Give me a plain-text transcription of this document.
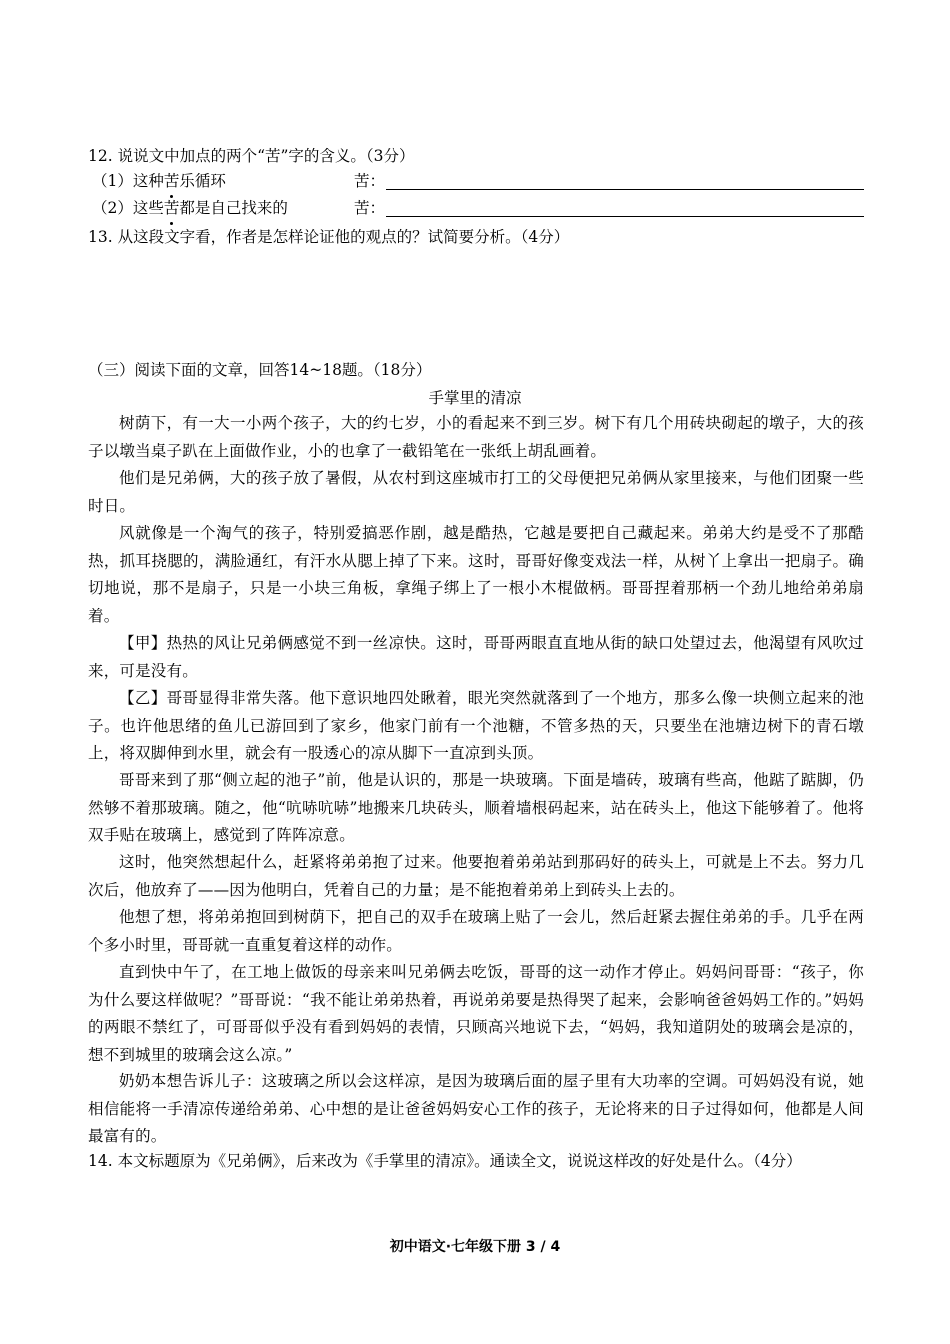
12. 说说文中加点的两个“苦”字的含义。（3分）
（1）这种苦乐循环	苦：
（2）这些苦都是自己找来的	苦：
13. 从这段文字看，作者是怎样论证他的观点的？试简要分析。（4分）
（三）阅读下面的文章，回答14~18题。（18分）
手掌里的清凉
树荫下，有一大一小两个孩子，大的约七岁，小的看起来不到三岁。树下有几个用砖块砌起的墩子，大的孩子以墩当桌子趴在上面做作业，小的也拿了一截铅笔在一张纸上胡乱画着。
他们是兄弟俩，大的孩子放了暑假，从农村到这座城市打工的父母便把兄弟俩从家里接来，与他们团聚一些时日。
风就像是一个淘气的孩子，特别爱搞恶作剧，越是酷热，它越是要把自己藏起来。弟弟大约是受不了那酷热，抓耳挠腮的，满脸通红，有汗水从腮上掉了下来。这时，哥哥好像变戏法一样，从树丫上拿出一把扇子。确切地说，那不是扇子，只是一小块三角板，拿绳子绑上了一根小木棍做柄。哥哥捏着那柄一个劲儿地给弟弟扇着。
【甲】热热的风让兄弟俩感觉不到一丝凉快。这时，哥哥两眼直直地从街的缺口处望过去，他渴望有风吹过来，可是没有。
【乙】哥哥显得非常失落。他下意识地四处瞅着，眼光突然就落到了一个地方，那多么像一块侧立起来的池子。也许他思绪的鱼儿已游回到了家乡，他家门前有一个池糖，不管多热的天，只要坐在池塘边树下的青石墩上，将双脚伸到水里，就会有一股透心的凉从脚下一直凉到头顶。
哥哥来到了那“侧立起的池子”前，他是认识的，那是一块玻璃。下面是墙砖，玻璃有些高，他踮了踮脚，仍然够不着那玻璃。随之，他“吭哧吭哧”地搬来几块砖头，顺着墙根码起来，站在砖头上，他这下能够着了。他将双手贴在玻璃上，感觉到了阵阵凉意。
这时，他突然想起什么，赶紧将弟弟抱了过来。他要抱着弟弟站到那码好的砖头上，可就是上不去。努力几次后，他放弃了——因为他明白，凭着自己的力量；是不能抱着弟弟上到砖头上去的。
他想了想，将弟弟抱回到树荫下，把自己的双手在玻璃上贴了一会儿，然后赶紧去握住弟弟的手。几乎在两个多小时里，哥哥就一直重复着这样的动作。
直到快中午了，在工地上做饭的母亲来叫兄弟俩去吃饭，哥哥的这一动作才停止。妈妈问哥哥：“孩子，你为什么要这样做呢？”哥哥说：“我不能让弟弟热着，再说弟弟要是热得哭了起来，会影响爸爸妈妈工作的。”妈妈的两眼不禁红了，可哥哥似乎没有看到妈妈的表情，只顾高兴地说下去，“妈妈，我知道阴处的玻璃会是凉的，想不到城里的玻璃会这么凉。”
奶奶本想告诉儿子：这玻璃之所以会这样凉，是因为玻璃后面的屋子里有大功率的空调。可妈妈没有说，她相信能将一手清凉传递给弟弟、心中想的是让爸爸妈妈安心工作的孩子，无论将来的日子过得如何，他都是人间最富有的。
14. 本文标题原为《兄弟俩》，后来改为《手掌里的清凉》。通读全文，说说这样改的好处是什么。（4分）
初中语文·七年级下册 3 / 4
